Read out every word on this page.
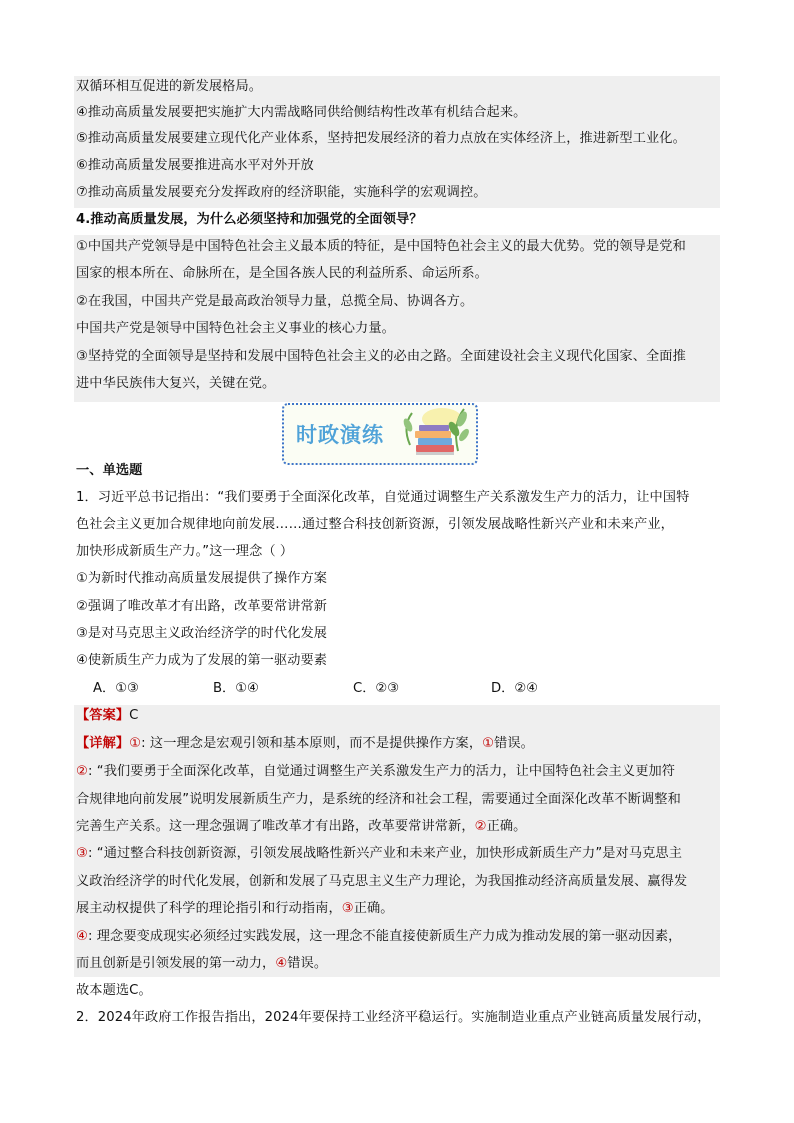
双循环相互促进的新发展格局。
④推动高质量发展要把实施扩大内需战略同供给侧结构性改革有机结合起来。
⑤推动高质量发展要建立现代化产业体系，坚持把发展经济的着力点放在实体经济上，推进新型工业化。
⑥推动高质量发展要推进高水平对外开放
⑦推动高质量发展要充分发挥政府的经济职能，实施科学的宏观调控。
4.推动高质量发展，为什么必须坚持和加强党的全面领导？
①中国共产党领导是中国特色社会主义最本质的特征，是中国特色社会主义的最大优势。党的领导是党和
国家的根本所在、命脉所在，是全国各族人民的利益所系、命运所系。
②在我国，中国共产党是最高政治领导力量，总揽全局、协调各方。
中国共产党是领导中国特色社会主义事业的核心力量。
③坚持党的全面领导是坚持和发展中国特色社会主义的必由之路。全面建设社会主义现代化国家、全面推
进中华民族伟大复兴，关键在党。
时政演练
一、单选题
1．习近平总书记指出：“我们要勇于全面深化改革，自觉通过调整生产关系激发生产力的活力，让中国特
色社会主义更加合规律地向前发展……通过整合科技创新资源，引领发展战略性新兴产业和未来产业，
加快形成新质生产力。”这一理念（ ）
①为新时代推动高质量发展提供了操作方案
②强调了唯改革才有出路，改革要常讲常新
③是对马克思主义政治经济学的时代化发展
④使新质生产力成为了发展的第一驱动要素
A．①③	B．①④	C．②③	D．②④
【答案】C
【详解】①: 这一理念是宏观引领和基本原则，而不是提供操作方案，①错误。
②: “我们要勇于全面深化改革，自觉通过调整生产关系激发生产力的活力，让中国特色社会主义更加符
合规律地向前发展”说明发展新质生产力，是系统的经济和社会工程，需要通过全面深化改革不断调整和
完善生产关系。这一理念强调了唯改革才有出路，改革要常讲常新，②正确。
③: “通过整合科技创新资源，引领发展战略性新兴产业和未来产业，加快形成新质生产力”是对马克思主
义政治经济学的时代化发展，创新和发展了马克思主义生产力理论，为我国推动经济高质量发展、赢得发
展主动权提供了科学的理论指引和行动指南，③正确。
④: 理念要变成现实必须经过实践发展，这一理念不能直接使新质生产力成为推动发展的第一驱动因素，
而且创新是引领发展的第一动力，④错误。
故本题选C。
2．2024年政府工作报告指出，2024年要保持工业经济平稳运行。实施制造业重点产业链高质量发展行动，
